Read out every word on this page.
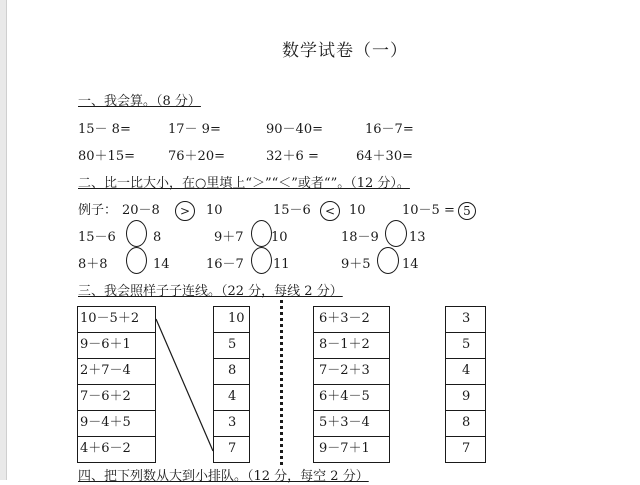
数学试卷（一）
一、我会算。（8 分）
15－ 8=	17－ 9=	90－40=	16－7=
80＋15=	76＋20=	32＋6 =	64＋30=
二、比一比大小，在○里填上“＞”“＜”或者“”。（12 分）。
例子： 20－8	>	10	15－6	<	10	10－5 = 5
15－6	8	9＋7 10	18－9 13
8＋8	14	16－7 11	9＋5 14
三、我会照样子子连线。（22 分，每线 2 分）
10－5＋2
9－6＋1
2＋7－4
7－6＋2
9－4＋5
4＋6－2
10
5
8
4
3
7
6＋3－2
8－1＋2
7－2＋3
6＋4－5
5＋3－4
9－7＋1
3
5
4
9
8
7
四、把下列数从大到小排队。（12 分，每空 2 分）
